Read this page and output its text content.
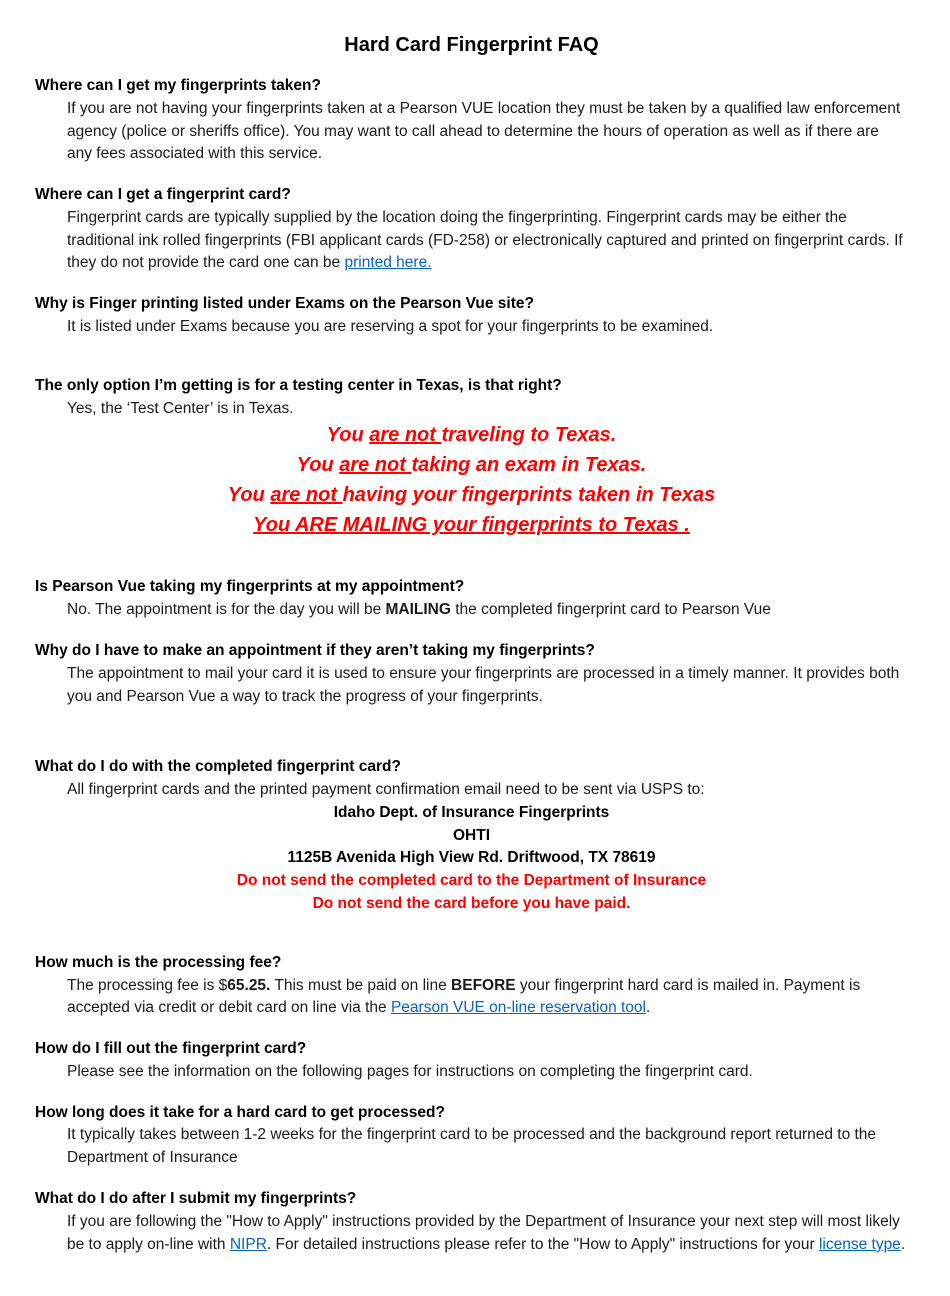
Hard Card Fingerprint FAQ
Where can I get my fingerprints taken?
If you are not having your fingerprints taken at a Pearson VUE location they must be taken by a qualified law enforcement agency (police or sheriffs office). You may want to call ahead to determine the hours of operation as well as if there are any fees associated with this service.
Where can I get a fingerprint card?
Fingerprint cards are typically supplied by the location doing the fingerprinting. Fingerprint cards may be either the traditional ink rolled fingerprints (FBI applicant cards (FD-258) or electronically captured and printed on fingerprint cards. If they do not provide the card one can be printed here.
Why is Finger printing listed under Exams on the Pearson Vue site?
It is listed under Exams because you are reserving a spot for your fingerprints to be examined.
The only option I’m getting is for a testing center in Texas, is that right?
Yes, the ‘Test Center’ is in Texas.
You are not traveling to Texas.
You are not taking an exam in Texas.
You are not having your fingerprints taken in Texas
You ARE MAILING your fingerprints to Texas .
Is Pearson Vue taking my fingerprints at my appointment?
No. The appointment is for the day you will be MAILING the completed fingerprint card to Pearson Vue
Why do I have to make an appointment if they aren’t taking my fingerprints?
The appointment to mail your card it is used to ensure your fingerprints are processed in a timely manner. It provides both you and Pearson Vue a way to track the progress of your fingerprints.
What do I do with the completed fingerprint card?
All fingerprint cards and the printed payment confirmation email need to be sent via USPS to:
Idaho Dept. of Insurance Fingerprints
OHTI
1125B Avenida High View Rd. Driftwood, TX 78619
Do not send the completed card to the Department of Insurance
Do not send the card before you have paid.
How much is the processing fee?
The processing fee is $65.25. This must be paid on line BEFORE your fingerprint hard card is mailed in. Payment is accepted via credit or debit card on line via the Pearson VUE on-line reservation tool.
How do I fill out the fingerprint card?
Please see the information on the following pages for instructions on completing the fingerprint card.
How long does it take for a hard card to get processed?
It typically takes between 1-2 weeks for the fingerprint card to be processed and the background report returned to the Department of Insurance
What do I do after I submit my fingerprints?
If you are following the "How to Apply" instructions provided by the Department of Insurance your next step will most likely be to apply on-line with NIPR. For detailed instructions please refer to the "How to Apply" instructions for your license type.
